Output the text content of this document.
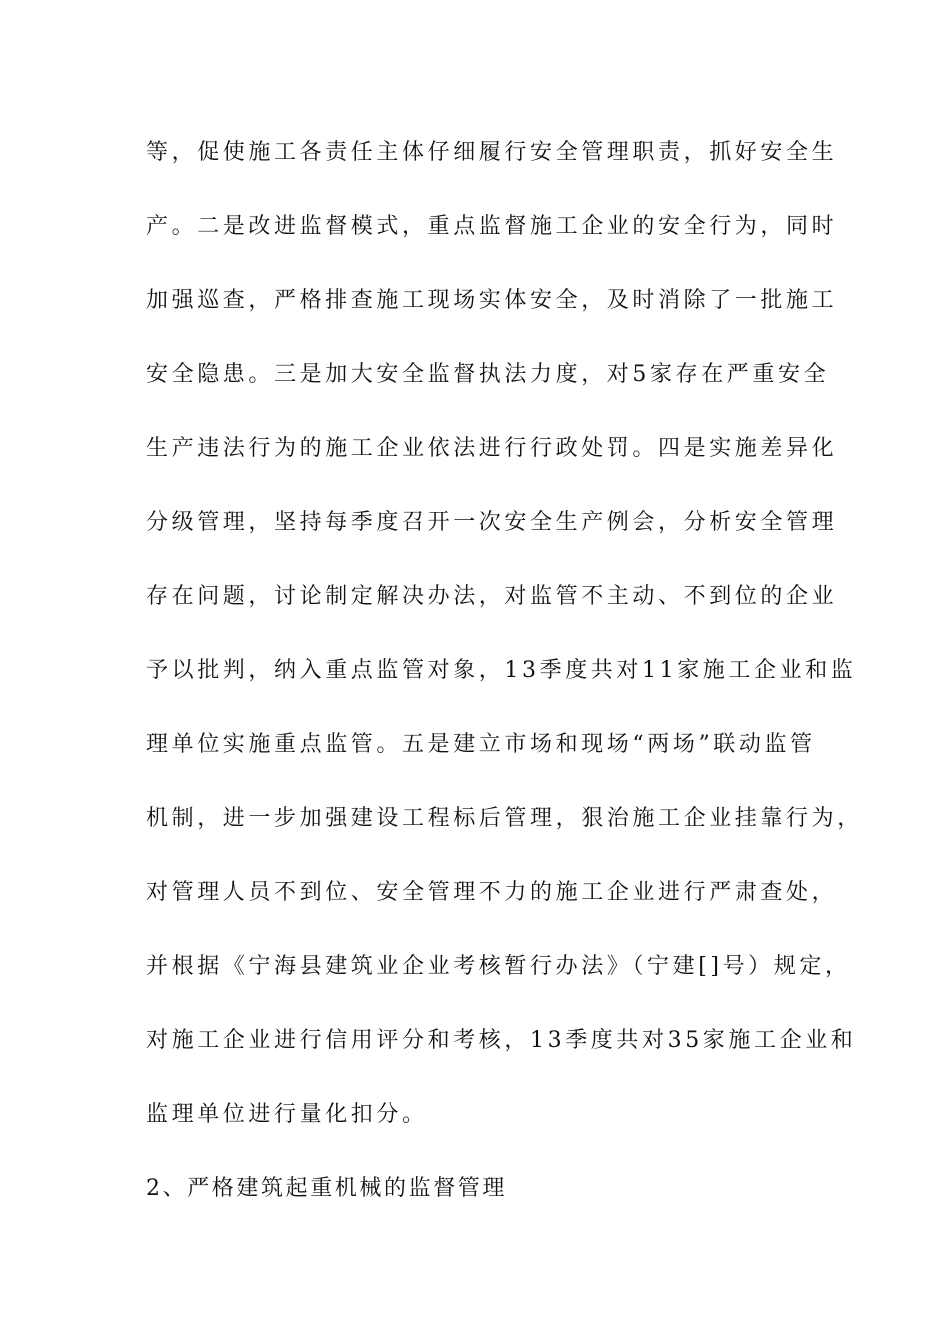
等，促使施工各责任主体仔细履行安全管理职责，抓好安全生
产。二是改进监督模式，重点监督施工企业的安全行为，同时
加强巡查，严格排查施工现场实体安全，及时消除了一批施工
安全隐患。三是加大安全监督执法力度，对5家存在严重安全
生产违法行为的施工企业依法进行行政处罚。四是实施差异化
分级管理，坚持每季度召开一次安全生产例会，分析安全管理
存在问题，讨论制定解决办法，对监管不主动、不到位的企业
予以批判，纳入重点监管对象，13季度共对11家施工企业和监
理单位实施重点监管。五是建立市场和现场“两场”联动监管
机制，进一步加强建设工程标后管理，狠治施工企业挂靠行为，
对管理人员不到位、安全管理不力的施工企业进行严肃查处，
并根据《宁海县建筑业企业考核暂行办法》（宁建[]号）规定，
对施工企业进行信用评分和考核，13季度共对35家施工企业和
监理单位进行量化扣分。
2、严格建筑起重机械的监督管理
